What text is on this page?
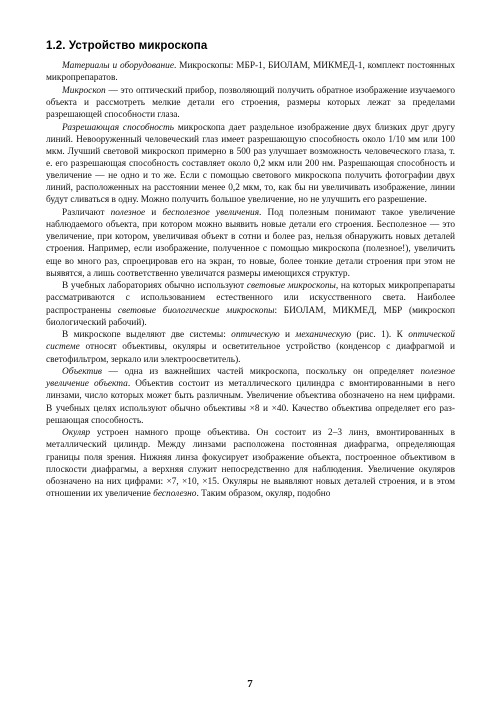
1.2. Устройство микроскопа

Материалы и оборудование. Микроскопы: МБР-1, БИОЛАМ, МИКМЕД-1, комплект постоянных микропрепаратов.

Микроскоп — это оптический прибор, позволяющий получить обратное изображение изучаемого объекта и рассмотреть мелкие детали его строения, размеры которых лежат за пределами разрешающей способности глаза.

Разрешающая способность микроскопа дает раздельное изображение двух близких друг другу линий. Невооруженный человеческий глаз имеет разрешающую способность около 1/10 мм или 100 мкм. Лучший световой микроскоп примерно в 500 раз улучшает возможность человеческого глаза, т. е. его разрешающая способность составляет около 0,2 мкм или 200 нм. Разрешающая способность и увеличение — не одно и то же. Если с помощью светового микроскопа получить фотографии двух линий, расположенных на расстоянии менее 0,2 мкм, то, как бы ни увеличивать изображение, линии будут сливаться в одну. Можно получить большое увеличение, но не улучшить его разрешение.

Различают полезное и бесполезное увеличения. Под полезным понимают такое увеличение наблюдаемого объекта, при котором можно выявить новые детали его строения. Бесполезное — это увеличение, при котором, увеличивая объект в сотни и более раз, нельзя обнаружить новых деталей строения. Например, если изображение, полученное с помощью микроскопа (полезное!), увеличить еще во много раз, спроецировав его на экран, то новые, более тонкие детали строения при этом не выявятся, а лишь соответственно увеличатся размеры имеющихся структур.

В учебных лабораториях обычно используют световые микроскопы, на которых микропрепараты рассматриваются с использованием естественного или искусственного света. Наиболее распространены световые биологические микроскопы: БИОЛАМ, МИКМЕД, МБР (микроскоп биологический рабочий).

В микроскопе выделяют две системы: оптическую и механическую (рис. 1). К оптической системе относят объективы, окуляры и осветительное устройство (конденсор с диафрагмой и светофильтром, зеркало или электроосветитель).

Объектив — одна из важнейших частей микроскопа, поскольку он определяет полезное увеличение объекта. Объектив состоит из металлического цилиндра с вмонтированными в него линзами, число которых может быть различным. Увеличение объектива обозначено на нем цифрами. В учебных целях используют обычно объективы ×8 и ×40. Качество объектива определяет его разрешающая способность.

Окуляр устроен намного проще объектива. Он состоит из 2–3 линз, вмонтированных в металлический цилиндр. Между линзами расположена постоянная диафрагма, определяющая границы поля зрения. Нижняя линза фокусирует изображение объекта, построенное объективом в плоскости диафрагмы, а верхняя служит непосредственно для наблюдения. Увеличение окуляров обозначено на них цифрами: ×7, ×10, ×15. Окуляры не выявляют новых деталей строения, и в этом отношении их увеличение бесполезно. Таким образом, окуляр, подобно

7
